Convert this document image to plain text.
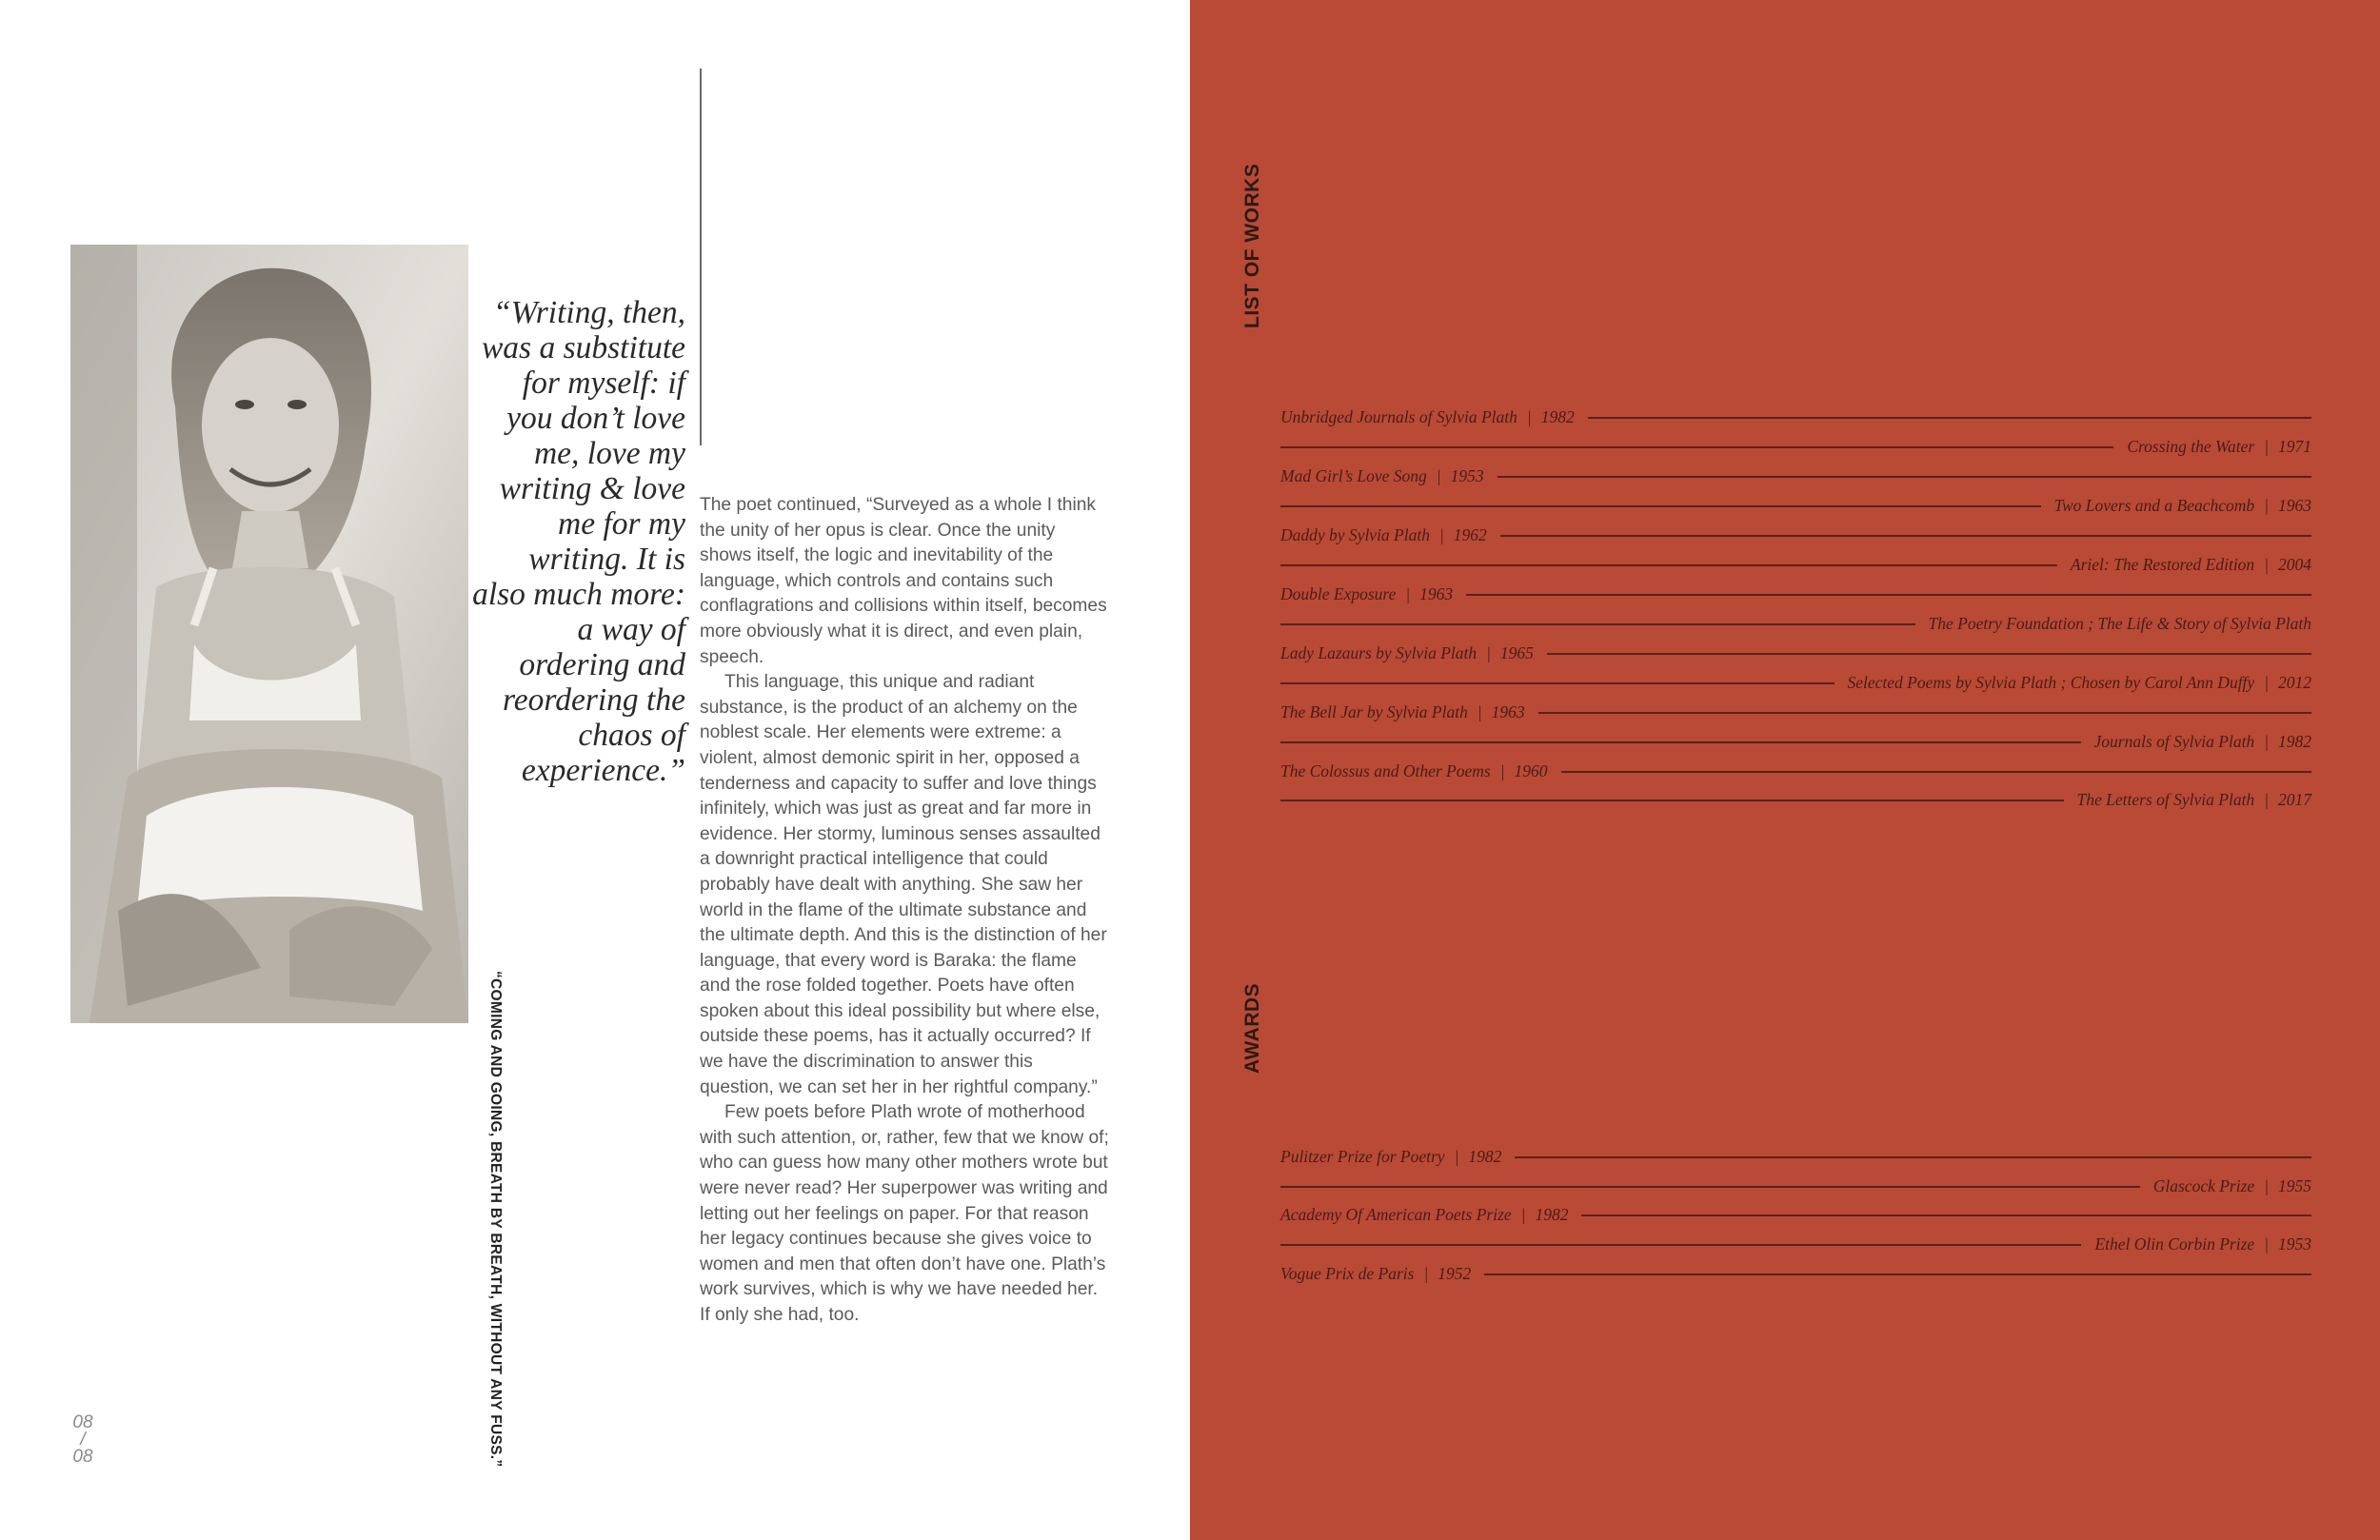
“Writing, then,
was a substitute
for myself: if
you don’t love
me, love my
writing & love
me for my
writing. It is
also much more:
a way of
ordering and
reordering the
chaos of
experience.”
“COMING AND GOING, BREATH BY BREATH, WITHOUT ANY FUSS.”

The poet continued, “Surveyed as a whole I think the unity of her opus is clear. Once the unity shows itself, the logic and inevitability of the language, which controls and contains such conflagrations and collisions within itself, becomes more obviously what it is direct, and even plain, speech.

This language, this unique and radiant substance, is the product of an alchemy on the noblest scale. Her elements were extreme: a violent, almost demonic spirit in her, opposed a tenderness and capacity to suffer and love things infinitely, which was just as great and far more in evidence. Her stormy, luminous senses assaulted a downright practical intelligence that could probably have dealt with anything. She saw her world in the flame of the ultimate substance and the ultimate depth. And this is the distinction of her language, that every word is Baraka: the flame and the rose folded together. Poets have often spoken about this ideal possibility but where else, outside these poems, has it actually occurred? If we have the discrimination to answer this question, we can set her in her rightful company.”

Few poets before Plath wrote of motherhood with such attention, or, rather, few that we know of; who can guess how many other mothers wrote but were never read? Her superpower was writing and letting out her feelings on paper. For that reason her legacy continues because she gives voice to women and men that often don’t have one. Plath’s work survives, which is why we have needed her. If only she had, too.

08
/
08
LIST OF WORKS
AWARDS
Unbridged Journals of Sylvia Plath | 1982
Crossing the Water | 1971
Mad Girl’s Love Song | 1953
Two Lovers and a Beachcomb | 1963
Daddy by Sylvia Plath | 1962
Ariel: The Restored Edition | 2004
Double Exposure | 1963
The Poetry Foundation ; The Life & Story of Sylvia Plath
Lady Lazaurs by Sylvia Plath | 1965
Selected Poems by Sylvia Plath ; Chosen by Carol Ann Duffy | 2012
The Bell Jar by Sylvia Plath | 1963
Journals of Sylvia Plath | 1982
The Colossus and Other Poems | 1960
The Letters of Sylvia Plath | 2017
Pulitzer Prize for Poetry | 1982
Glascock Prize | 1955
Academy Of American Poets Prize | 1982
Ethel Olin Corbin Prize | 1953
Vogue Prix de Paris | 1952
